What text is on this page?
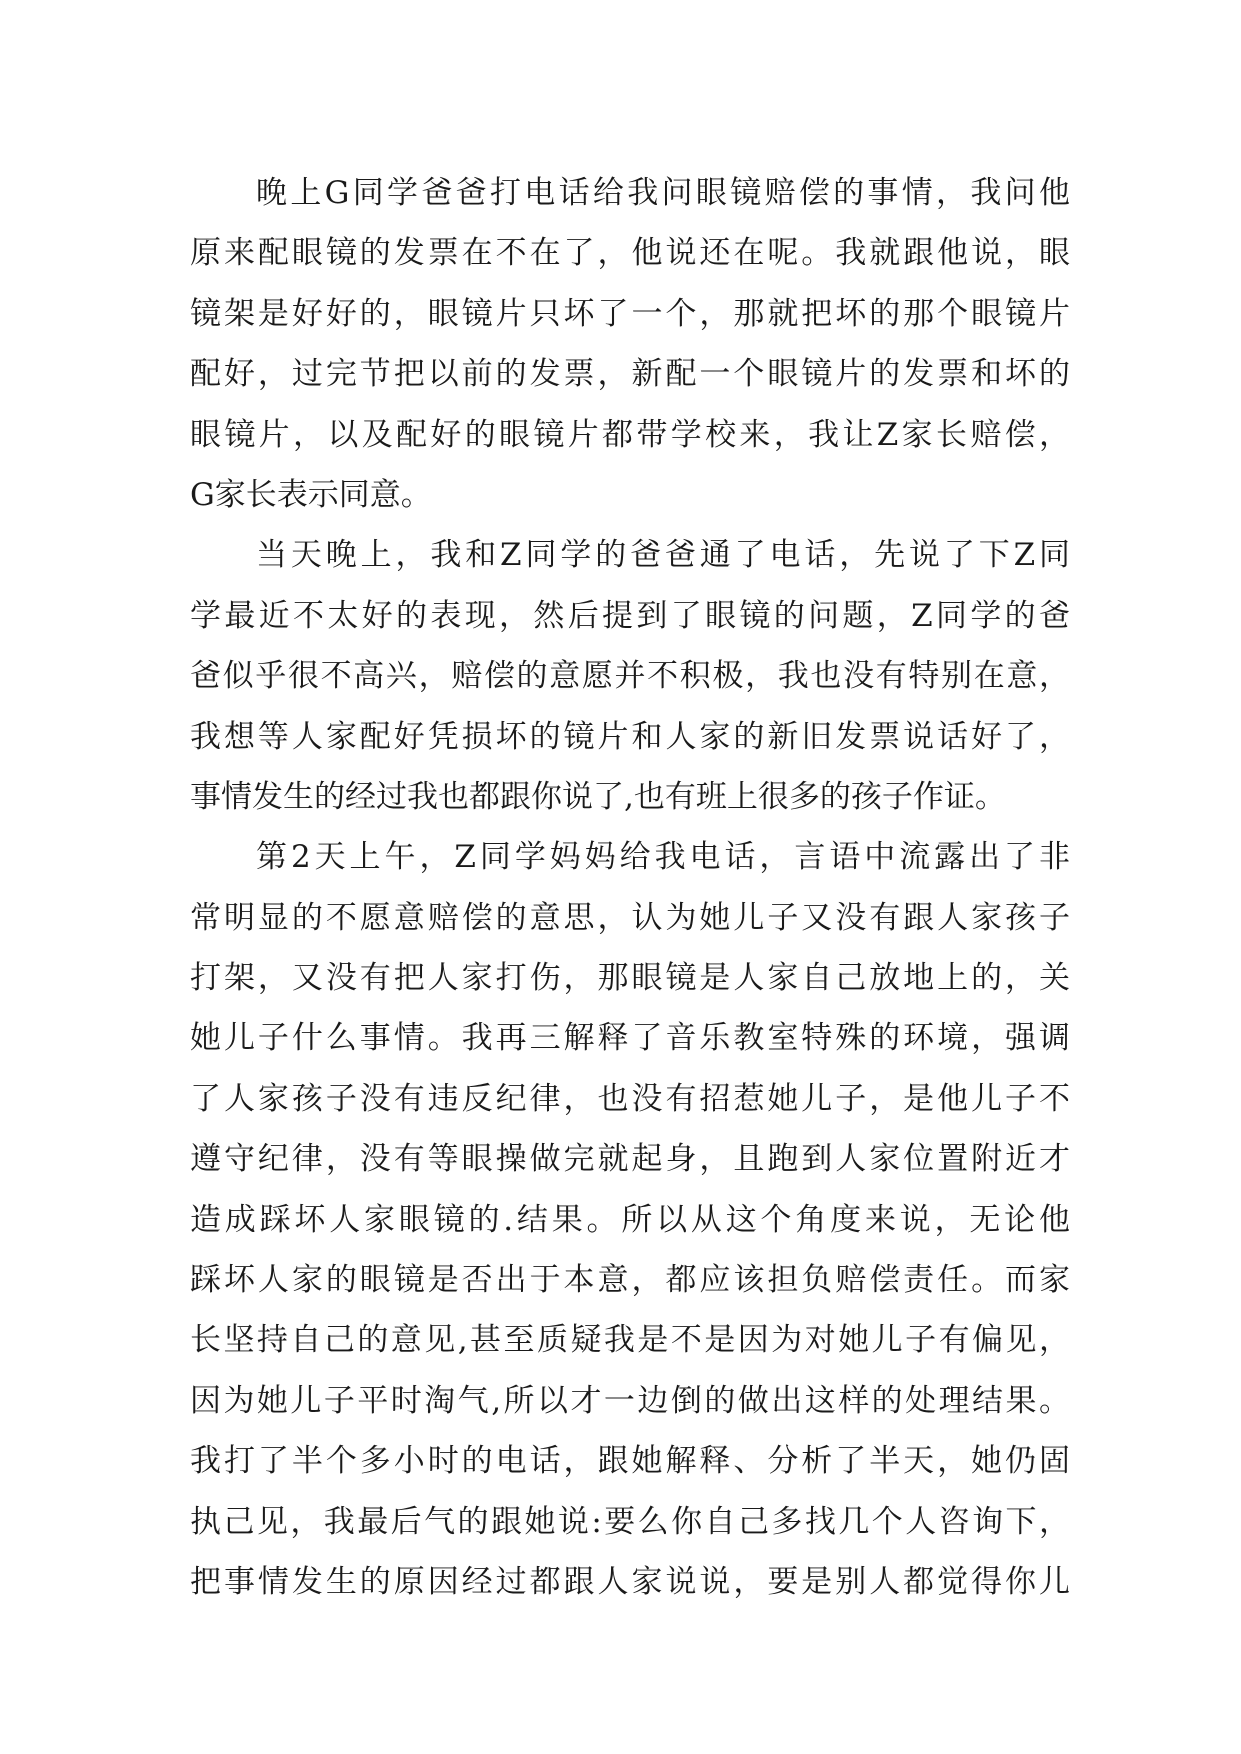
晚上G同学爸爸打电话给我问眼镜赔偿的事情，我问他
原来配眼镜的发票在不在了，他说还在呢。我就跟他说，眼
镜架是好好的，眼镜片只坏了一个，那就把坏的那个眼镜片
配好，过完节把以前的发票，新配一个眼镜片的发票和坏的
眼镜片，以及配好的眼镜片都带学校来，我让Z家长赔偿，
G家长表示同意。
当天晚上，我和Z同学的爸爸通了电话，先说了下Z同
学最近不太好的表现，然后提到了眼镜的问题，Z同学的爸
爸似乎很不高兴，赔偿的意愿并不积极，我也没有特别在意，
我想等人家配好凭损坏的镜片和人家的新旧发票说话好了，
事情发生的经过我也都跟你说了,也有班上很多的孩子作证。
第2天上午，Z同学妈妈给我电话，言语中流露出了非
常明显的不愿意赔偿的意思，认为她儿子又没有跟人家孩子
打架，又没有把人家打伤，那眼镜是人家自己放地上的，关
她儿子什么事情。我再三解释了音乐教室特殊的环境，强调
了人家孩子没有违反纪律，也没有招惹她儿子，是他儿子不
遵守纪律，没有等眼操做完就起身，且跑到人家位置附近才
造成踩坏人家眼镜的.结果。所以从这个角度来说，无论他
踩坏人家的眼镜是否出于本意，都应该担负赔偿责任。而家
长坚持自己的意见,甚至质疑我是不是因为对她儿子有偏见，
因为她儿子平时淘气,所以才一边倒的做出这样的处理结果。
我打了半个多小时的电话，跟她解释、分析了半天，她仍固
执己见，我最后气的跟她说:要么你自己多找几个人咨询下，
把事情发生的原因经过都跟人家说说，要是别人都觉得你儿
